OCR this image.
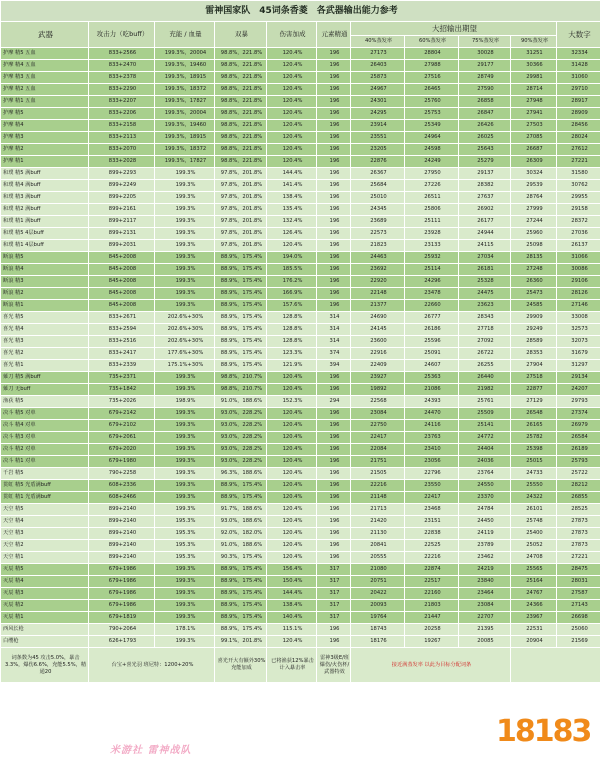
雷神国家队　45词条香菱　各武器输出能力参考										
武器	攻击力（吃buff）	充能 / 血量	双暴	伤害加成	元素精通	大招输出期望				大数字
						40%蒸发率	60%蒸发率	75%蒸发率	90%蒸发率	
护摩 精5 五血	833+2566	199.3%，20004	98.8%，221.8%	120.4%	196	27173	28804	30028	31251	32334
护摩 精4 五血	833+2470	199.3%，19460	98.8%，221.8%	120.4%	196	26403	27988	29177	30366	31428
护摩 精3 五血	833+2378	199.3%，18915	98.8%，221.8%	120.4%	196	25873	27516	28749	29981	31060
护摩 精2 五血	833+2290	199.3%，18372	98.8%，221.8%	120.4%	196	24967	26465	27590	28714	29710
护摩 精1 五血	833+2207	199.3%，17827	98.8%，221.8%	120.4%	196	24301	25760	26858	27948	28917
护摩 精5	833+2206	199.3%，20004	98.8%，221.8%	120.4%	196	24295	25753	26847	27941	28909
护摩 精4	833+2158	199.3%，19460	98.8%，221.8%	120.4%	196	23914	25349	26426	27503	28456
护摩 精3	833+2113	199.3%，18915	98.8%，221.8%	120.4%	196	23551	24964	26025	27085	28024
护摩 精2	833+2070	199.3%，18372	98.8%，221.8%	120.4%	196	23205	24598	25643	26687	27612
护摩 精1	833+2028	199.3%，17827	98.8%，221.8%	120.4%	196	22876	24249	25279	26309	27221
和璞 精5 满buff	899+2293	199.3%	97.8%，201.8%	144.4%	196	26367	27950	29137	30324	31580
和璞 精4 满buff	899+2249	199.3%	97.8%，201.8%	141.4%	196	25684	27226	28382	29539	30762
和璞 精3 满buff	899+2205	199.3%	97.8%，201.8%	138.4%	196	25010	26511	27637	28764	29955
和璞 精2 满buff	899+2161	199.3%	97.8%，201.8%	135.4%	196	24345	25806	26902	27999	29158
和璞 精1 满buff	899+2117	199.3%	97.8%，201.8%	132.4%	196	23689	25111	26177	27244	28372
和璞 精5 4层buff	899+2131	199.3%	97.8%，201.8%	126.4%	196	22573	23928	24944	25960	27036
和璞 精1 4层buff	899+2031	199.3%	97.8%，201.8%	120.4%	196	21823	23133	24115	25098	26137
断浪 精5	845+2008	199.3%	88.9%，175.4%	194.0%	196	24463	25932	27034	28135	31066
断浪 精4	845+2008	199.3%	88.9%，175.4%	185.5%	196	23692	25114	26181	27248	30086
断浪 精3	845+2008	199.3%	88.9%，175.4%	176.2%	196	22920	24296	25328	26360	29106
断浪 精2	845+2008	199.3%	88.9%，175.4%	166.9%	196	22148	23478	24475	25473	28126
断浪 精1	845+2008	199.3%	88.9%，175.4%	157.6%	196	21377	22660	23623	24585	27146
喜光 精5	833+2671	202.6%+30%	88.9%，175.4%	128.8%	314	24690	26777	28343	29909	33008
喜光 精4	833+2594	202.6%+30%	88.9%，175.4%	128.8%	314	24145	26186	27718	29249	32573
喜光 精3	833+2516	202.6%+30%	88.9%，175.4%	128.8%	314	23600	25596	27092	28589	32073
喜光 精2	833+2417	177.6%+30%	88.9%，175.4%	123.3%	374	22916	25091	26722	28353	31679
喜光 精1	833+2339	175.1%+30%	88.9%，175.4%	121.9%	394	22409	24607	26255	27904	31297
薙刀 精5 满buff	735+2371	199.3%	98.8%，210.7%	120.4%	196	23927	25363	26440	27518	29134
薙刀 无buff	735+1842	199.3%	98.8%，210.7%	120.4%	196	19892	21086	21982	22877	24207
渔获 精5	735+2026	198.9%	91.0%，188.6%	152.3%	294	22568	24393	25761	27129	29793
决斗 精5 对单	679+2142	199.3%	93.0%，228.2%	120.4%	196	23084	24470	25509	26548	27374
决斗 精4 对单	679+2102	199.3%	93.0%，228.2%	120.4%	196	22750	24116	25141	26165	26979
决斗 精3 对单	679+2061	199.3%	93.0%，228.2%	120.4%	196	22417	23763	24772	25782	26584
决斗 精2 对单	679+2020	199.3%	93.0%，228.2%	120.4%	196	22084	23410	24404	25398	26189
决斗 精1 对单	679+1980	199.3%	93.0%，228.2%	120.4%	196	21751	23056	24036	25015	25793
千岩 精5	790+2258	199.3%	96.3%，188.6%	120.4%	196	21505	22796	23764	24733	25722
贯虹 精5 光盾满buff	608+2336	199.3%	88.9%，175.4%	120.4%	196	22216	23550	24550	25550	28212
贯虹 精1 光盾满buff	608+2466	199.3%	88.9%，175.4%	120.4%	196	21148	22417	23370	24322	26855
天空 精5	899+2140	199.3%	91.7%，188.6%	120.4%	196	21713	23468	24784	26101	28525
天空 精4	899+2140	195.3%	93.0%，188.6%	120.4%	196	21420	23151	24450	25748	27873
天空 精3	899+2140	195.3%	92.0%，182.0%	120.4%	196	21130	22838	24119	25400	27873
天空 精2	899+2140	195.3%	91.0%，188.6%	120.4%	196	20841	22525	23789	25052	27873
天空 精1	899+2140	195.3%	90.3%，175.4%	120.4%	196	20555	22216	23462	24708	27221
灭辰 精5	679+1986	199.3%	88.9%，175.4%	156.4%	317	21080	22874	24219	25565	28475
灭辰 精4	679+1986	199.3%	88.9%，175.4%	150.4%	317	20751	22517	23840	25164	28031
灭辰 精3	679+1986	199.3%	88.9%，175.4%	144.4%	317	20422	22160	23464	24767	27587
灭辰 精2	679+1986	199.3%	88.9%，175.4%	138.4%	317	20093	21803	23084	24366	27143
灭辰 精1	679+1819	199.3%	88.9%，175.4%	140.4%	317	19764	21447	22707	23967	26698
西风长枪	790+2064	178.1%	88.9%，175.4%	115.1%	196	18743	20258	21395	22531	25060
白缨枪	626+1793	199.3%	99.1%，201.8%	120.4%	196	18176	19267	20085	20904	21569
词条数为45 攻击5.0%，暴击3.3%，爆伤6.6%，充能5.5%，精通20	台宝+喜光羽 班尼特：1200+20%		喜光开大有额外30%充能加成	已将渔获12%暴击计入暴击率	雷神3级E/班爆伤/火伤杯/武器特效	接近满蒸发率 以此为目标分配词条				
18183
米游社 雷神战队
